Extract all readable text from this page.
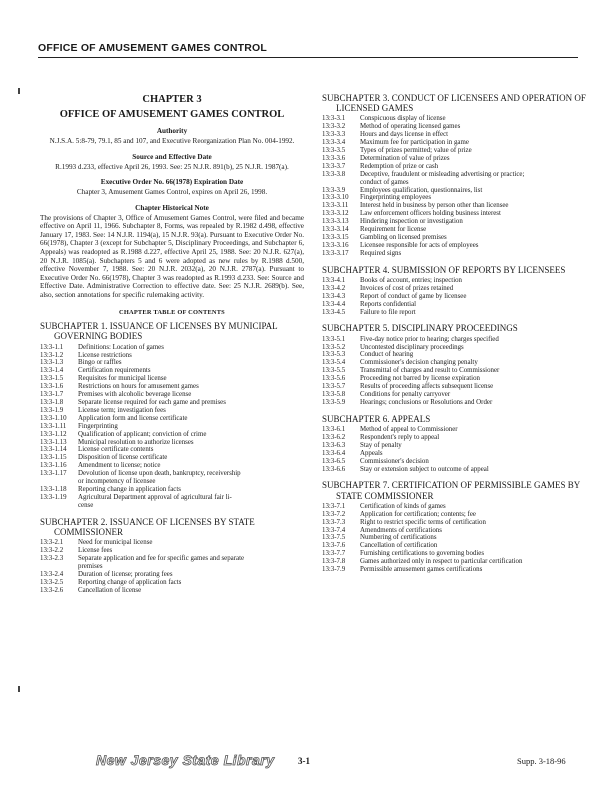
OFFICE OF AMUSEMENT GAMES CONTROL
CHAPTER 3
OFFICE OF AMUSEMENT GAMES CONTROL
Authority
N.J.S.A. 5:8-79, 79.1, 85 and 107, and Executive Reorganization Plan No. 004-1992.
Source and Effective Date
R.1993 d.233, effective April 26, 1993. See: 25 N.J.R. 891(b), 25 N.J.R. 1987(a).
Executive Order No. 66(1978) Expiration Date
Chapter 3, Amusement Games Control, expires on April 26, 1998.
Chapter Historical Note
The provisions of Chapter 3, Office of Amusement Games Control, were filed and became effective on April 11, 1966. Subchapter 8, Forms, was repealed by R.1982 d.498, effective January 17, 1983. See: 14 N.J.R. 1194(a), 15 N.J.R. 93(a). Pursuant to Executive Order No. 66(1978), Chapter 3 (except for Subchapter 5, Disciplinary Proceedings, and Subchapter 6, Appeals) was readopted as R.1988 d.227, effective April 25, 1988. See: 20 N.J.R. 627(a), 20 N.J.R. 1085(a). Subchapters 5 and 6 were adopted as new rules by R.1988 d.500, effective November 7, 1988. See: 20 N.J.R. 2032(a), 20 N.J.R. 2787(a). Pursuant to Executive Order No. 66(1978), Chapter 3 was readopted as R.1993 d.233. See: Source and Effective Date. Administrative Correction to effective date. See: 25 N.J.R. 2689(b). See, also, section annotations for specific rulemaking activity.
CHAPTER TABLE OF CONTENTS
SUBCHAPTER 1. ISSUANCE OF LICENSES BY MUNICIPAL GOVERNING BODIES
13:3-1.1	Definitions: Location of games
13:3-1.2	License restrictions
13:3-1.3	Bingo or raffles
13:3-1.4	Certification requirements
13:3-1.5	Requisites for municipal license
13:3-1.6	Restrictions on hours for amusement games
13:3-1.7	Premises with alcoholic beverage license
13:3-1.8	Separate license required for each game and premises
13:3-1.9	License term; investigation fees
13:3-1.10	Application form and license certificate
13:3-1.11	Fingerprinting
13:3-1.12	Qualification of applicant; conviction of crime
13:3-1.13	Municipal resolution to authorize licenses
13:3-1.14	License certificate contents
13:3-1.15	Disposition of license certificate
13:3-1.16	Amendment to license; notice
13:3-1.17	Devolution of license upon death, bankruptcy, receivership
or incompetency of licensee
13:3-1.18	Reporting change in application facts
13:3-1.19	Agricultural Department approval of agricultural fair li-
cense
SUBCHAPTER 2. ISSUANCE OF LICENSES BY STATE COMMISSIONER
13:3-2.1	Need for municipal license
13:3-2.2	License fees
13:3-2.3	Separate application and fee for specific games and separate
premises
13:3-2.4	Duration of license; prorating fees
13:3-2.5	Reporting change of application facts
13:3-2.6	Cancellation of license
SUBCHAPTER 3. CONDUCT OF LICENSEES AND OPERATION OF LICENSED GAMES
13:3-3.1	Conspicuous display of license
13:3-3.2	Method of operating licensed games
13:3-3.3	Hours and days license in effect
13:3-3.4	Maximum fee for participation in game
13:3-3.5	Types of prizes permitted; value of prize
13:3-3.6	Determination of value of prizes
13:3-3.7	Redemption of prize or cash
13:3-3.8	Deceptive, fraudulent or misleading advertising or practice;
conduct of games
13:3-3.9	Employees qualification, questionnaires, list
13:3-3.10	Fingerprinting employees
13:3-3.11	Interest held in business by person other than licensee
13:3-3.12	Law enforcement officers holding business interest
13:3-3.13	Hindering inspection or investigation
13:3-3.14	Requirement for license
13:3-3.15	Gambling on licensed premises
13:3-3.16	Licensee responsible for acts of employees
13:3-3.17	Required signs
SUBCHAPTER 4. SUBMISSION OF REPORTS BY LICENSEES
13:3-4.1	Books of account, entries; inspection
13:3-4.2	Invoices of cost of prizes retained
13:3-4.3	Report of conduct of game by licensee
13:3-4.4	Reports confidential
13:3-4.5	Failure to file report
SUBCHAPTER 5. DISCIPLINARY PROCEEDINGS
13:3-5.1	Five-day notice prior to hearing; charges specified
13:3-5.2	Uncontested disciplinary proceedings
13:3-5.3	Conduct of hearing
13:3-5.4	Commissioner's decision changing penalty
13:3-5.5	Transmittal of charges and result to Commissioner
13:3-5.6	Proceeding not barred by license expiration
13:3-5.7	Results of proceeding affects subsequent license
13:3-5.8	Conditions for penalty carryover
13:3-5.9	Hearings; conclusions or Resolutions and Order
SUBCHAPTER 6. APPEALS
13:3-6.1	Method of appeal to Commissioner
13:3-6.2	Respondent's reply to appeal
13:3-6.3	Stay of penalty
13:3-6.4	Appeals
13:3-6.5	Commissioner's decision
13:3-6.6	Stay or extension subject to outcome of appeal
SUBCHAPTER 7. CERTIFICATION OF PERMISSIBLE GAMES BY STATE COMMISSIONER
13:3-7.1	Certification of kinds of games
13:3-7.2	Application for certification; contents; fee
13:3-7.3	Right to restrict specific terms of certification
13:3-7.4	Amendments of certifications
13:3-7.5	Numbering of certifications
13:3-7.6	Cancellation of certification
13:3-7.7	Furnishing certifications to governing bodies
13:3-7.8	Games authorized only in respect to particular certification
13:3-7.9	Permissible amusement games certifications
New Jersey State Library	3-1	Supp. 3-18-96
